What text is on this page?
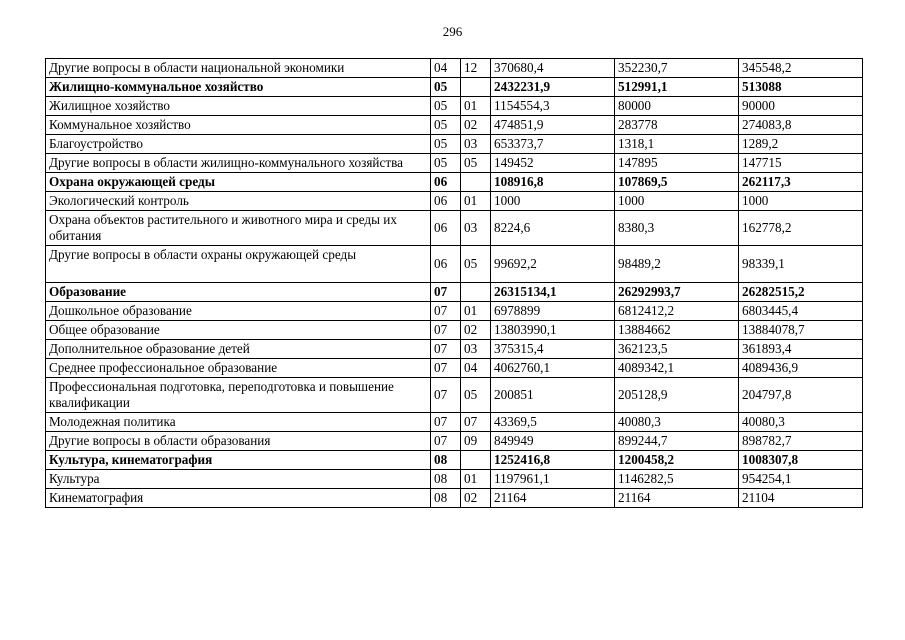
296
Другие вопросы в области национальной экономики	04	12	370680,4	352230,7	345548,2
Жилищно-коммунальное хозяйство	05		2432231,9	512991,1	513088
Жилищное хозяйство	05	01	1154554,3	80000	90000
Коммунальное хозяйство	05	02	474851,9	283778	274083,8
Благоустройство	05	03	653373,7	1318,1	1289,2
Другие вопросы в области жилищно-коммунального хозяйства	05	05	149452	147895	147715
Охрана окружающей среды	06		108916,8	107869,5	262117,3
Экологический контроль	06	01	1000	1000	1000
Охрана объектов растительного и животного мира и среды их обитания	06	03	8224,6	8380,3	162778,2
Другие вопросы в области охраны окружающей среды	06	05	99692,2	98489,2	98339,1
Образование	07		26315134,1	26292993,7	26282515,2
Дошкольное образование	07	01	6978899	6812412,2	6803445,4
Общее образование	07	02	13803990,1	13884662	13884078,7
Дополнительное образование детей	07	03	375315,4	362123,5	361893,4
Среднее профессиональное образование	07	04	4062760,1	4089342,1	4089436,9
Профессиональная подготовка, переподготовка и повышение квалификации	07	05	200851	205128,9	204797,8
Молодежная политика	07	07	43369,5	40080,3	40080,3
Другие вопросы в области образования	07	09	849949	899244,7	898782,7
Культура, кинематография	08		1252416,8	1200458,2	1008307,8
Культура	08	01	1197961,1	1146282,5	954254,1
Кинематография	08	02	21164	21164	21104
